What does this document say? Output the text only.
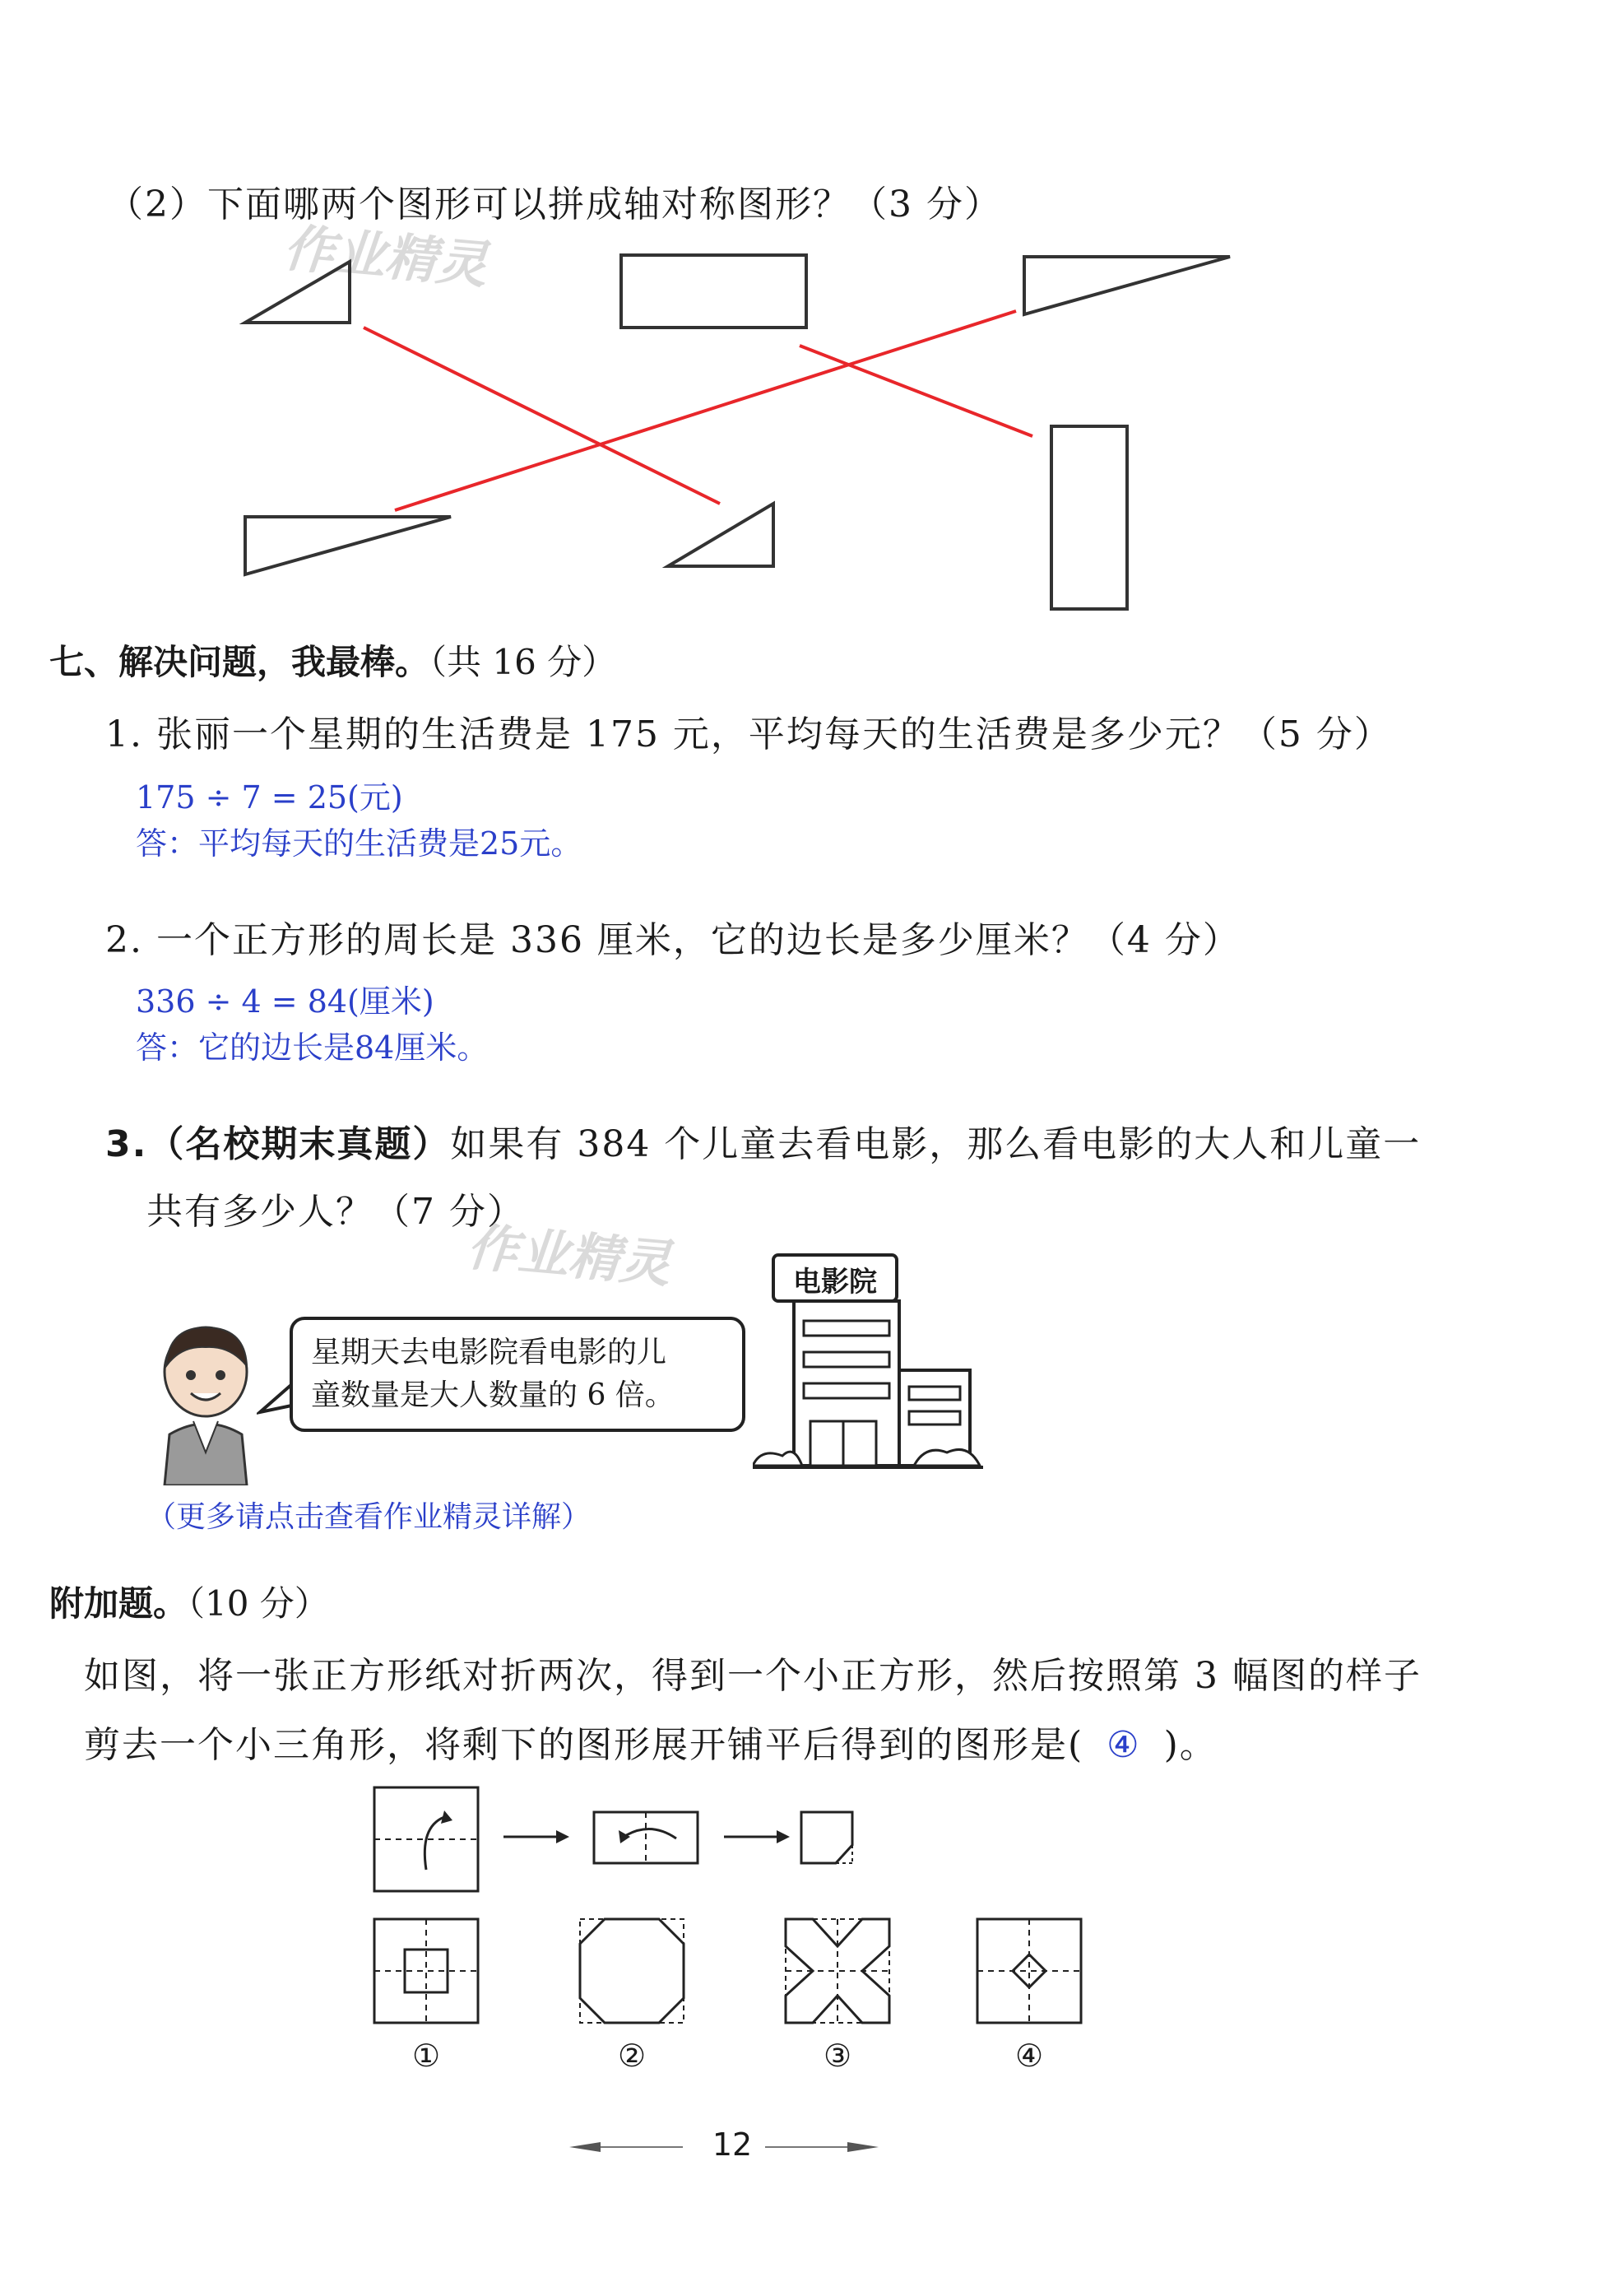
（2）下面哪两个图形可以拼成轴对称图形？（3 分）
作业精灵
七、解决问题，我最棒。（共 16 分）
1. 张丽一个星期的生活费是 175 元，平均每天的生活费是多少元？（5 分）
175 ÷ 7 = 25(元)
答：平均每天的生活费是25元。
2. 一个正方形的周长是 336 厘米，它的边长是多少厘米？（4 分）
336 ÷ 4 = 84(厘米)
答：它的边长是84厘米。
3.（名校期末真题）如果有 384 个儿童去看电影，那么看电影的大人和儿童一
共有多少人？（7 分）
作业精灵
星期天去电影院看电影的儿
童数量是大人数量的 6 倍。
电影院
（更多请点击查看作业精灵详解）
附加题。（10 分）
如图，将一张正方形纸对折两次，得到一个小正方形，然后按照第 3 幅图的样子
剪去一个小三角形，将剩下的图形展开铺平后得到的图形是( ④ )。
①	②	③	④
12
